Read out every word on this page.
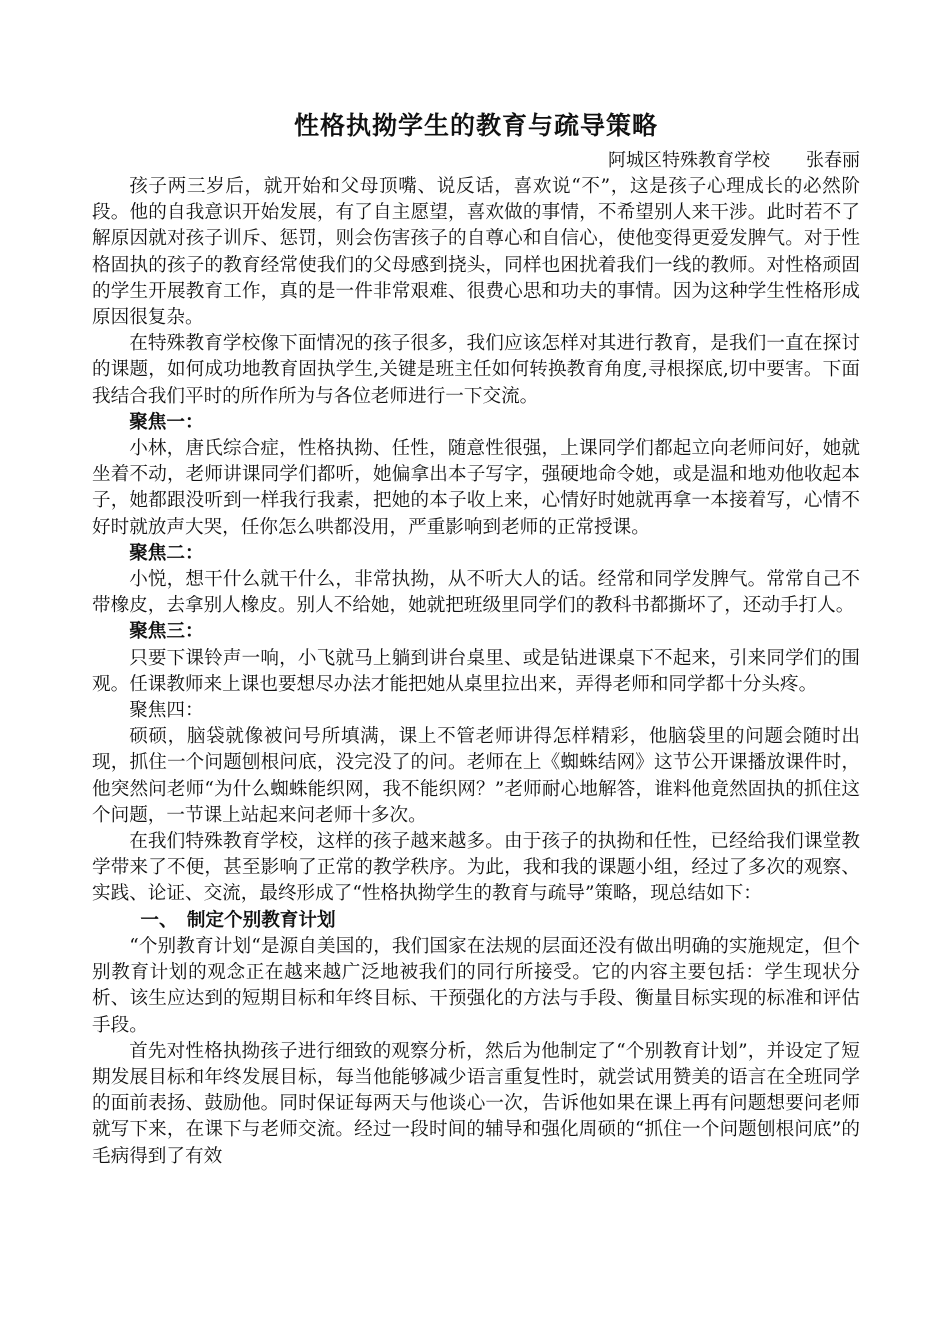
性格执拗学生的教育与疏导策略

阿城区特殊教育学校　　张春丽

孩子两三岁后，就开始和父母顶嘴、说反话，喜欢说“不”，这是孩子心理成长的必然阶段。他的自我意识开始发展，有了自主愿望，喜欢做的事情，不希望别人来干涉。此时若不了解原因就对孩子训斥、惩罚，则会伤害孩子的自尊心和自信心，使他变得更爱发脾气。对于性格固执的孩子的教育经常使我们的父母感到挠头，同样也困扰着我们一线的教师。对性格顽固的学生开展教育工作，真的是一件非常艰难、很费心思和功夫的事情。因为这种学生性格形成原因很复杂。

在特殊教育学校像下面情况的孩子很多，我们应该怎样对其进行教育，是我们一直在探讨的课题，如何成功地教育固执学生,关键是班主任如何转换教育角度,寻根探底,切中要害。下面我结合我们平时的所作所为与各位老师进行一下交流。

聚焦一：

小林，唐氏综合症，性格执拗、任性，随意性很强，上课同学们都起立向老师问好，她就坐着不动，老师讲课同学们都听，她偏拿出本子写字，强硬地命令她，或是温和地劝他收起本子，她都跟没听到一样我行我素，把她的本子收上来，心情好时她就再拿一本接着写，心情不好时就放声大哭，任你怎么哄都没用，严重影响到老师的正常授课。

聚焦二：

小悦，想干什么就干什么，非常执拗，从不听大人的话。经常和同学发脾气。常常自己不带橡皮，去拿别人橡皮。别人不给她，她就把班级里同学们的教科书都撕坏了，还动手打人。

聚焦三：

只要下课铃声一响，小飞就马上躺到讲台桌里、或是钻进课桌下不起来，引来同学们的围观。任课教师来上课也要想尽办法才能把她从桌里拉出来，弄得老师和同学都十分头疼。

聚焦四：

硕硕，脑袋就像被问号所填满，课上不管老师讲得怎样精彩，他脑袋里的问题会随时出现，抓住一个问题刨根问底，没完没了的问。老师在上《蜘蛛结网》这节公开课播放课件时，他突然问老师“为什么蜘蛛能织网，我不能织网？”老师耐心地解答，谁料他竟然固执的抓住这个问题，一节课上站起来问老师十多次。

在我们特殊教育学校，这样的孩子越来越多。由于孩子的执拗和任性，已经给我们课堂教学带来了不便，甚至影响了正常的教学秩序。为此，我和我的课题小组，经过了多次的观察、实践、论证、交流，最终形成了“性格执拗学生的教育与疏导”策略，现总结如下：

一、　制定个别教育计划

“个别教育计划“是源自美国的，我们国家在法规的层面还没有做出明确的实施规定，但个别教育计划的观念正在越来越广泛地被我们的同行所接受。它的内容主要包括：学生现状分析、该生应达到的短期目标和年终目标、干预强化的方法与手段、衡量目标实现的标准和评估手段。

首先对性格执拗孩子进行细致的观察分析，然后为他制定了“个别教育计划”，并设定了短期发展目标和年终发展目标，每当他能够减少语言重复性时，就尝试用赞美的语言在全班同学的面前表扬、鼓励他。同时保证每两天与他谈心一次，告诉他如果在课上再有问题想要问老师就写下来，在课下与老师交流。经过一段时间的辅导和强化周硕的“抓住一个问题刨根问底”的毛病得到了有效
